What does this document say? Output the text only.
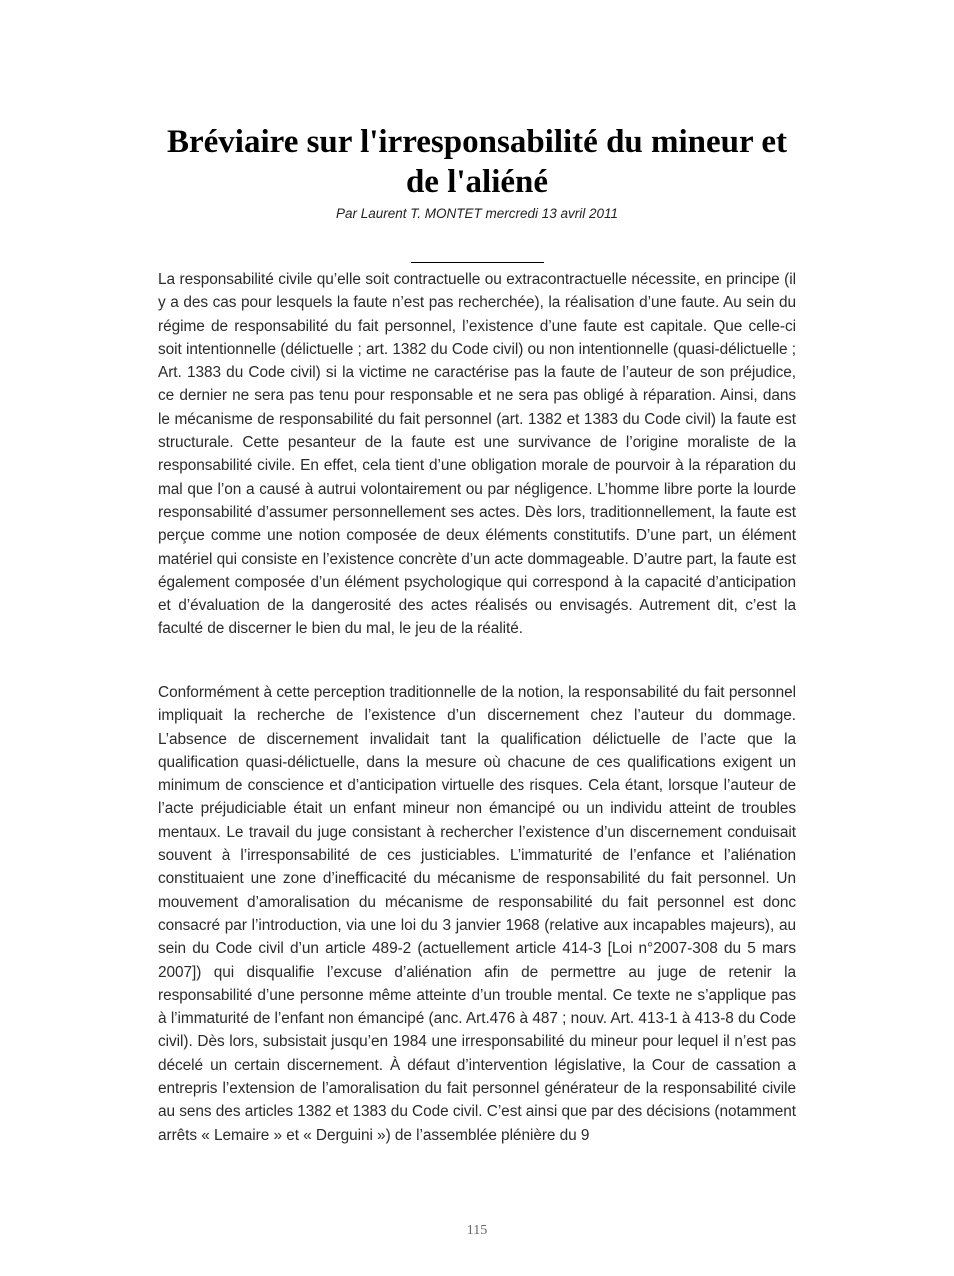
Bréviaire sur l'irresponsabilité du mineur et de l'aliéné
Par Laurent T. MONTET mercredi 13 avril 2011

La responsabilité civile qu’elle soit contractuelle ou extracontractuelle nécessite, en principe (il y a des cas pour lesquels la faute n’est pas recherchée), la réalisation d’une faute. Au sein du régime de responsabilité du fait personnel, l’existence d’une faute est capitale. Que celle-ci soit intentionnelle (délictuelle ; art. 1382 du Code civil) ou non intentionnelle (quasi-délictuelle ; Art. 1383 du Code civil) si la victime ne caractérise pas la faute de l’auteur de son préjudice, ce dernier ne sera pas tenu pour responsable et ne sera pas obligé à réparation. Ainsi, dans le mécanisme de responsabilité du fait personnel (art. 1382 et 1383 du Code civil) la faute est structurale. Cette pesanteur de la faute est une survivance de l’origine moraliste de la responsabilité civile. En effet, cela tient d’une obligation morale de pourvoir à la réparation du mal que l’on a causé à autrui volontairement ou par négligence. L’homme libre porte la lourde responsabilité d’assumer personnellement ses actes. Dès lors, traditionnellement, la faute est perçue comme une notion composée de deux éléments constitutifs. D’une part, un élément matériel qui consiste en l’existence concrète d’un acte dommageable. D’autre part, la faute est également composée d’un élément psychologique qui correspond à la capacité d’anticipation et d’évaluation de la dangerosité des actes réalisés ou envisagés. Autrement dit, c’est la faculté de discerner le bien du mal, le jeu de la réalité.

Conformément à cette perception traditionnelle de la notion, la responsabilité du fait personnel impliquait la recherche de l’existence d’un discernement chez l’auteur du dommage. L’absence de discernement invalidait tant la qualification délictuelle de l’acte que la qualification quasi-délictuelle, dans la mesure où chacune de ces qualifications exigent un minimum de conscience et d’anticipation virtuelle des risques. Cela étant, lorsque l’auteur de l’acte préjudiciable était un enfant mineur non émancipé ou un individu atteint de troubles mentaux. Le travail du juge consistant à rechercher l’existence d’un discernement conduisait souvent à l’irresponsabilité de ces justiciables. L’immaturité de l’enfance et l’aliénation constituaient une zone d’inefficacité du mécanisme de responsabilité du fait personnel. Un mouvement d’amoralisation du mécanisme de responsabilité du fait personnel est donc consacré par l’introduction, via une loi du 3 janvier 1968 (relative aux incapables majeurs), au sein du Code civil d’un article 489-2 (actuellement article 414-3 [Loi n°2007-308 du 5 mars 2007]) qui disqualifie l’excuse d’aliénation afin de permettre au juge de retenir la responsabilité d’une personne même atteinte d’un trouble mental. Ce texte ne s’applique pas à l’immaturité de l’enfant non émancipé (anc. Art.476 à 487 ; nouv. Art. 413-1 à 413-8 du Code civil). Dès lors, subsistait jusqu’en 1984 une irresponsabilité du mineur pour lequel il n’est pas décelé un certain discernement. À défaut d’intervention législative, la Cour de cassation a entrepris l’extension de l’amoralisation du fait personnel générateur de la responsabilité civile au sens des articles 1382 et 1383 du Code civil. C’est ainsi que par des décisions (notamment arrêts « Lemaire » et « Derguini ») de l’assemblée plénière du 9

115
